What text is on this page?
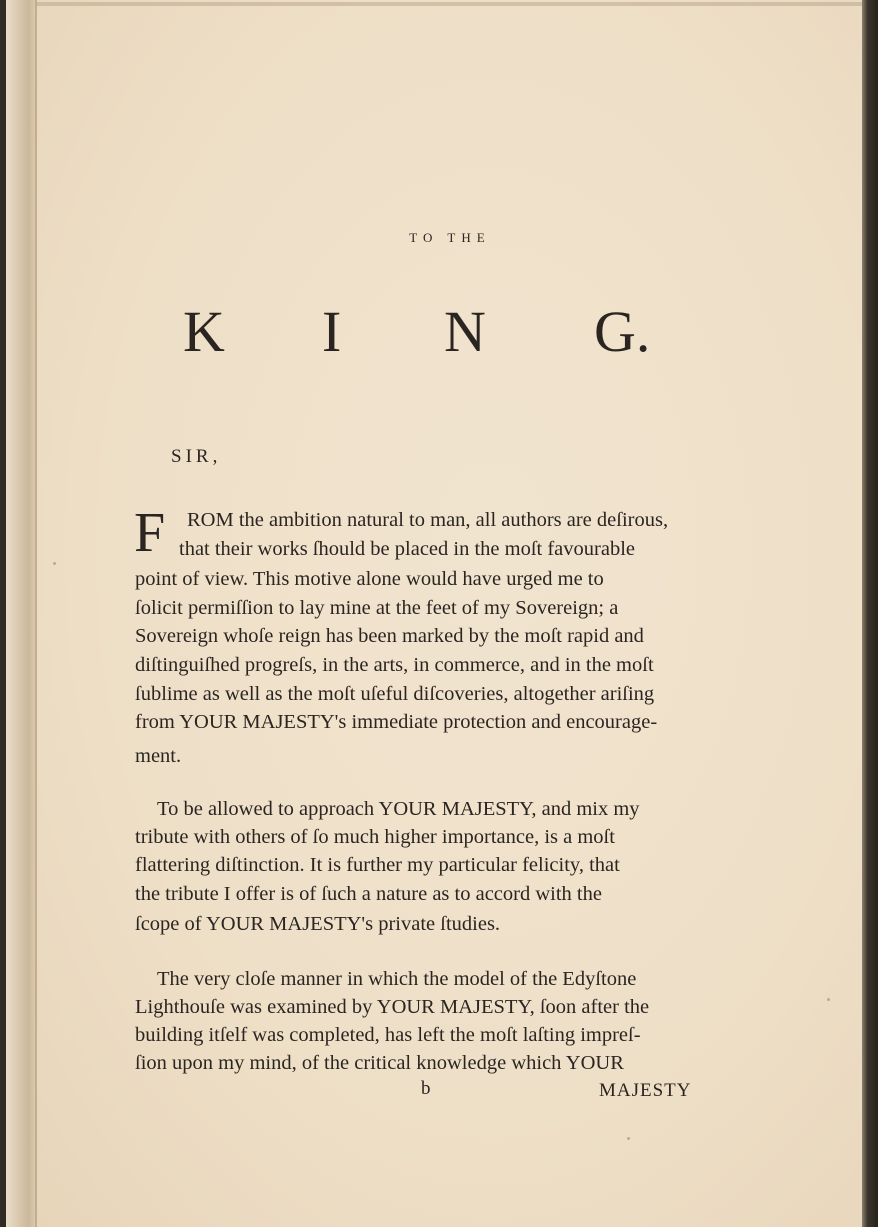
TO THE
K I N G.
SIR,
F ROM the ambition natural to man, all authors are deſirous,
that their works ſhould be placed in the moſt favourable
point of view. This motive alone would have urged me to
ſolicit permiſſion to lay mine at the feet of my Sovereign; a
Sovereign whoſe reign has been marked by the moſt rapid and
diſtinguiſhed progreſs, in the arts, in commerce, and in the moſt
ſublime as well as the moſt uſeful diſcoveries, altogether ariſing
from YOUR MAJESTY's immediate protection and encourage-
ment.
To be allowed to approach YOUR MAJESTY, and mix my
tribute with others of ſo much higher importance, is a moſt
flattering diſtinction. It is further my particular felicity, that
the tribute I offer is of ſuch a nature as to accord with the
ſcope of YOUR MAJESTY's private ſtudies.
The very cloſe manner in which the model of the Edyſtone
Lighthouſe was examined by YOUR MAJESTY, ſoon after the
building itſelf was completed, has left the moſt laſting impreſ-
ſion upon my mind, of the critical knowledge which YOUR
b	MAJESTY
